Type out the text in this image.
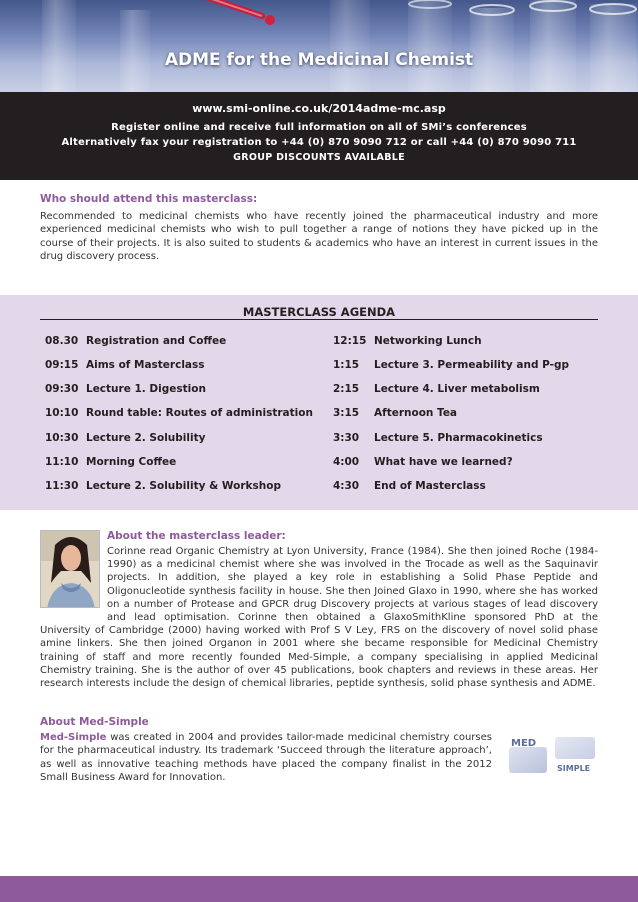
ADME for the Medicinal Chemist
www.smi-online.co.uk/2014adme-mc.asp
Register online and receive full information on all of SMi’s conferences
Alternatively fax your registration to +44 (0) 870 9090 712 or call +44 (0) 870 9090 711
GROUP DISCOUNTS AVAILABLE
Who should attend this masterclass:
Recommended to medicinal chemists who have recently joined the pharmaceutical industry and more experienced medicinal chemists who wish to pull together a range of notions they have picked up in the course of their projects. It is also suited to students & academics who have an interest in current issues in the drug discovery process.
MASTERCLASS AGENDA
08.30 Registration and Coffee
09:15 Aims of Masterclass
09:30 Lecture 1. Digestion
10:10 Round table: Routes of administration
10:30 Lecture 2. Solubility
11:10 Morning Coffee
11:30 Lecture 2. Solubility & Workshop
12:15 Networking Lunch
1:15 Lecture 3. Permeability and P-gp
2:15 Lecture 4. Liver metabolism
3:15 Afternoon Tea
3:30 Lecture 5. Pharmacokinetics
4:00 What have we learned?
4:30 End of Masterclass
About the masterclass leader:
Corinne read Organic Chemistry at Lyon University, France (1984). She then joined Roche (1984-
1990) as a medicinal chemist where she was involved in the Trocade as well as the Saquinavir
projects. In addition, she played a key role in establishing a Solid Phase Peptide and
Oligonucleotide synthesis facility in house. She then Joined Glaxo in 1990, where she has worked
on a number of Protease and GPCR drug Discovery projects at various stages of lead discovery
and lead optimisation. Corinne then obtained a GlaxoSmithKline sponsored PhD at the
University of Cambridge (2000) having worked with Prof S V Ley, FRS on the discovery of novel solid phase
amine linkers. She then joined Organon in 2001 where she became responsible for Medicinal Chemistry
training of staff and more recently founded Med-Simple, a company specialising in applied Medicinal
Chemistry training. She is the author of over 45 publications, book chapters and reviews in these areas. Her
research interests include the design of chemical libraries, peptide synthesis, solid phase synthesis and ADME.
About Med-Simple
Med-Simple was created in 2004 and provides tailor-made medicinal chemistry courses for the pharmaceutical industry. Its trademark ‘Succeed through the literature approach’, as well as innovative teaching methods have placed the company finalist in the 2012 Small Business Award for Innovation.
MED
SIMPLE
